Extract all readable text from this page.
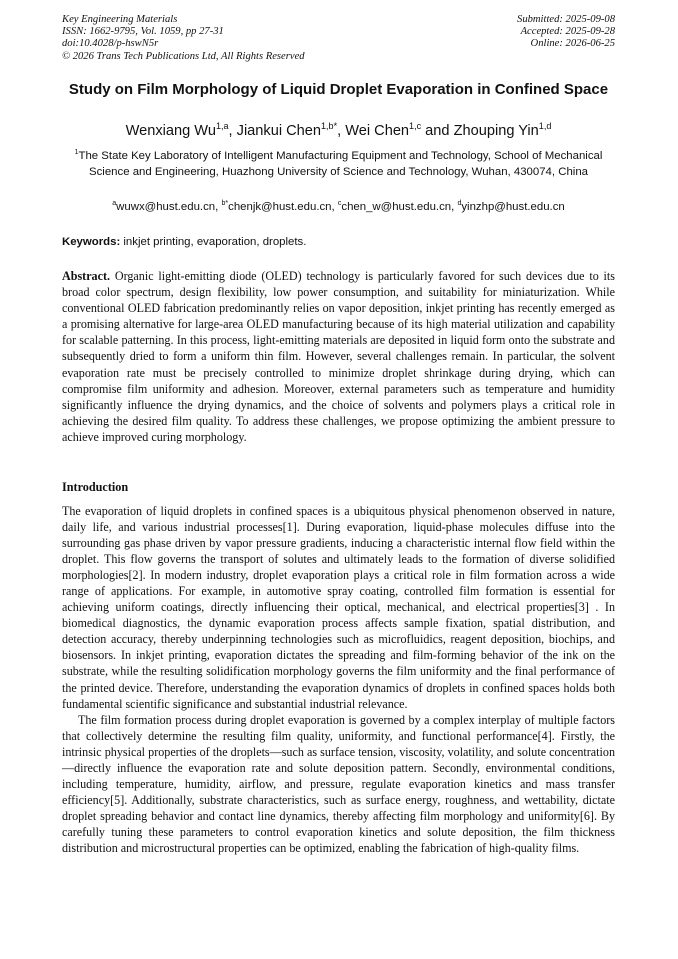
Key Engineering Materials
ISSN: 1662-9795, Vol. 1059, pp 27-31
doi:10.4028/p-hswN5r
© 2026 Trans Tech Publications Ltd, All Rights Reserved
Submitted: 2025-09-08
Accepted: 2025-09-28
Online: 2026-06-25
Study on Film Morphology of Liquid Droplet Evaporation in Confined Space
Wenxiang Wu$^{1,a}$, Jiankui Chen$^{1,b*}$, Wei Chen$^{1,c}$ and Zhouping Yin$^{1,d}$
$^1$The State Key Laboratory of Intelligent Manufacturing Equipment and Technology, School of Mechanical Science and Engineering, Huazhong University of Science and Technology, Wuhan, 430074, China
$^a$wuwx@hust.edu.cn, $^{b*}$chenjk@hust.edu.cn, $^c$chen_w@hust.edu.cn, $^d$yinzhp@hust.edu.cn
Keywords: inkjet printing, evaporation, droplets.
Abstract. Organic light-emitting diode (OLED) technology is particularly favored for such devices due to its broad color spectrum, design flexibility, low power consumption, and suitability for miniaturization. While conventional OLED fabrication predominantly relies on vapor deposition, inkjet printing has recently emerged as a promising alternative for large-area OLED manufacturing because of its high material utilization and capability for scalable patterning. In this process, light-emitting materials are deposited in liquid form onto the substrate and subsequently dried to form a uniform thin film. However, several challenges remain. In particular, the solvent evaporation rate must be precisely controlled to minimize droplet shrinkage during drying, which can compromise film uniformity and adhesion. Moreover, external parameters such as temperature and humidity significantly influence the drying dynamics, and the choice of solvents and polymers plays a critical role in achieving the desired film quality. To address these challenges, we propose optimizing the ambient pressure to achieve improved curing morphology.
Introduction
The evaporation of liquid droplets in confined spaces is a ubiquitous physical phenomenon observed in nature, daily life, and various industrial processes[1]. During evaporation, liquid-phase molecules diffuse into the surrounding gas phase driven by vapor pressure gradients, inducing a characteristic internal flow field within the droplet. This flow governs the transport of solutes and ultimately leads to the formation of diverse solidified morphologies[2]. In modern industry, droplet evaporation plays a critical role in film formation across a wide range of applications. For example, in automotive spray coating, controlled film formation is essential for achieving uniform coatings, directly influencing their optical, mechanical, and electrical properties[3] . In biomedical diagnostics, the dynamic evaporation process affects sample fixation, spatial distribution, and detection accuracy, thereby underpinning technologies such as microfluidics, reagent deposition, biochips, and biosensors. In inkjet printing, evaporation dictates the spreading and film-forming behavior of the ink on the substrate, while the resulting solidification morphology governs the film uniformity and the final performance of the printed device. Therefore, understanding the evaporation dynamics of droplets in confined spaces holds both fundamental scientific significance and substantial industrial relevance.
The film formation process during droplet evaporation is governed by a complex interplay of multiple factors that collectively determine the resulting film quality, uniformity, and functional performance[4]. Firstly, the intrinsic physical properties of the droplets—such as surface tension, viscosity, volatility, and solute concentration—directly influence the evaporation rate and solute deposition pattern. Secondly, environmental conditions, including temperature, humidity, airflow, and pressure, regulate evaporation kinetics and mass transfer efficiency[5]. Additionally, substrate characteristics, such as surface energy, roughness, and wettability, dictate droplet spreading behavior and contact line dynamics, thereby affecting film morphology and uniformity[6]. By carefully tuning these parameters to control evaporation kinetics and solute deposition, the film thickness distribution and microstructural properties can be optimized, enabling the fabrication of high-quality films.
